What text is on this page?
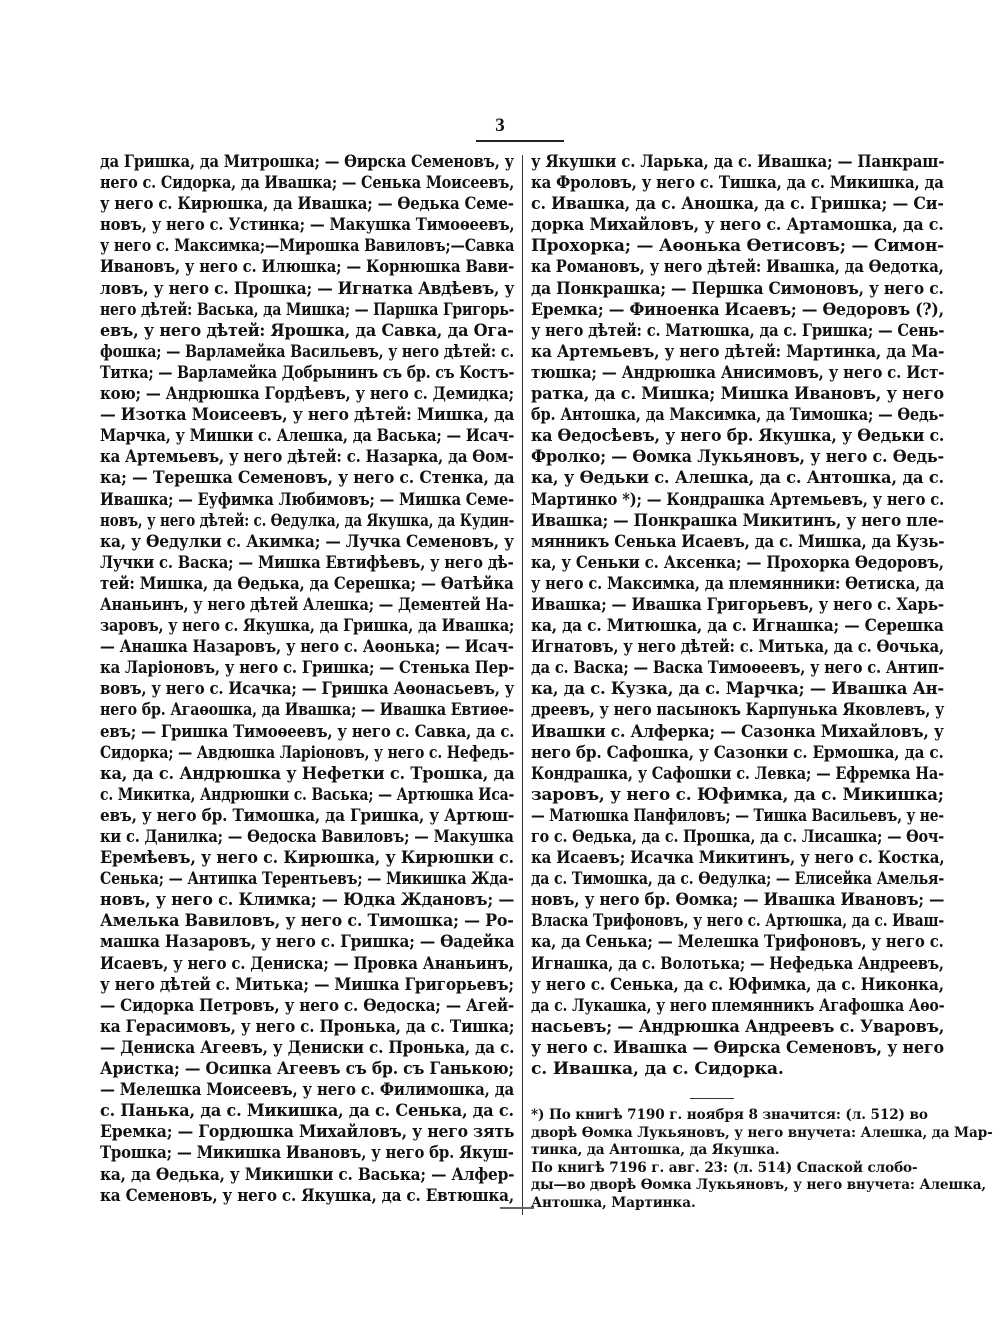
3
да Гришка, да Митрошка; — Өирска Семеновъ, у
него с. Сидорка, да Ивашка; — Сенька Моисеевъ,
у него с. Кирюшка, да Ивашка; — Өедька Семе-
новъ, у него с. Устинка; — Макушка Тимоөеевъ,
у него с. Максимка;—Мирошка Вавиловъ;—Савка
Ивановъ, у него с. Илюшка; — Корнюшка Вави-
ловъ, у него с. Прошка; — Игнатка Авдѣевъ, у
него дѣтей: Васька, да Мишка; — Паршка Григорь-
евъ, у него дѣтей: Ярошка, да Савка, да Ога-
фошка; — Варламейка Васильевъ, у него дѣтей: с.
Титка; — Варламейка Добрынинъ съ бр. съ Kостъ-
кою; — Андрюшка Гордѣевъ, у него с. Демидка;
— Изотка Моисеевъ, у него дѣтей: Мишка, да
Марчка, у Мишки с. Алешка, да Васька; — Исач-
ка Артемьевъ, у него дѣтей: с. Назарка, да Өом-
ка; — Терешка Семеновъ, у него с. Стенка, да
Ивашка; — Еуфимка Любимовъ; — Мишка Семе-
новъ, у него дѣтей: с. Өедулка, да Якушка, да Кудин-
ка, у Өедулки с. Акимка; — Лучка Семеновъ, у
Лучки с. Васка; — Мишка Евтифѣевъ, у него дѣ-
тей: Мишка, да Өедька, да Серешка; — Өатѣйка
Ананьинъ, у него дѣтей Алешка; — Дементей На-
заровъ, у него с. Якушка, да Гришка, да Ивашка;
— Анашка Назаровъ, у него с. Аөонька; — Исач-
ка Ларіоновъ, у него с. Гришка; — Стенька Пер-
вовъ, у него с. Исачка; — Гришка Аөонасьевъ, у
него бр. Агаөошка, да Ивашка; — Ивашка Евтиөе-
евъ; — Гришка Тимоөеевъ, у него с. Савка, да с.
Сидорка; — Авдюшка Ларіоновъ, у него с. Нефедь-
ка, да с. Андрюшка у Нефетки с. Трошка, да
с. Микитка, Андрюшки с. Васька; — Артюшка Иса-
евъ, у него бр. Тимошка, да Гришка, у Артюш-
ки с. Данилка; — Өедоска Вавиловъ; — Макушка
Еремѣевъ, у него с. Кирюшка, у Кирюшки с.
Сенька; — Антипка Терентьевъ; — Микишка Ждa-
новъ, у него с. Климка; — Юдка Ждановъ; —
Амелька Вавиловъ, у него с. Тимошка; — Ро-
машка Назаровъ, у него с. Гришка; — Өадейка
Исаевъ, у него с. Дениска; — Провка Ананьинъ,
у него дѣтей с. Митька; — Мишка Григорьевъ;
— Сидорка Петровъ, у него с. Өедоска; — Агей-
ка Герасимовъ, у него с. Пронька, да с. Тишка;
— Дениска Агеевъ, у Дениски с. Пронька, да с.
Аристка; — Осипка Агеевъ съ бр. съ Ганькою;
— Мелешка Моисеевъ, у него с. Филимошка, да
с. Панька, да с. Микишка, да с. Сенька, да с.
Еремка; — Гордюшка Михайловъ, у него зять
Трошка; — Микишка Ивановъ, у него бр. Якуш-
ка, да Өедька, у Микишки с. Васька; — Алфер-
ка Семеновъ, у него с. Якушка, да с. Евтюшка,
у Якушки с. Ларька, да с. Ивашка; — Панкраш-
ка Фроловъ, у него с. Тишка, да с. Микишка, да
с. Ивашка, да с. Аношка, да с. Гришка; — Си-
дорка Михайловъ, у него с. Артамошка, да с.
Прохорка; — Аөонька Өетисовъ; — Симон-
ка Романовъ, у него дѣтей: Ивашка, да Өедотка,
да Понкрашка; — Першка Симоновъ, у него с.
Еремка; — Финоенка Исаевъ; — Өедоровъ (?),
у него дѣтей: с. Матюшка, да с. Гришка; — Сень-
ка Артемьевъ, у него дѣтей: Мартинка, да Ма-
тюшка; — Андрюшка Анисимовъ, у него с. Ист-
ратка, да с. Мишка; Мишка Ивановъ, у него
бр. Антошка, да Максимка, да Тимошка; — Өедь-
ка Өедосѣевъ, у него бр. Якушка, у Өедьки с.
Фролко; — Өомка Лукьяновъ, у него с. Өедь-
ка, у Өедьки с. Алешка, да с. Антошка, да с.
Мартинко *); — Кондрашка Артемьевъ, у него с.
Ивашка; — Понкрашка Микитинъ, у него пле-
мянникъ Сенька Исаевъ, да с. Мишка, да Кузь-
ка, у Сеньки с. Аксенка; — Прохорка Өедоровъ,
у него с. Максимка, да племянники: Өетиска, да
Ивашка; — Ивашка Григорьевъ, у него с. Харь-
ка, да с. Митюшка, да с. Игнашка; — Серешка
Игнатовъ, у него дѣтей: с. Митька, да с. Өочька,
да с. Васка; — Васка Тимоөеевъ, у него с. Антип-
ка, да с. Кузка, да с. Марчка; — Ивашка Ан-
дреевъ, у него пасынокъ Карпунька Яковлевъ, у
Ивашки с. Алферка; — Сазонка Михайловъ, у
него бр. Сафошка, у Сазонки с. Ермошка, да с.
Кондрашка, у Сафошки с. Левка; — Ефремка На-
заровъ, у него с. Юфимка, да с. Микишка;
— Матюшка Панфиловъ; — Тишка Васильевъ, у не-
го с. Өедька, да с. Прошка, да с. Лисашка; — Өоч-
ка Исаевъ; Исачка Микитинъ, у него с. Костка,
да с. Тимошка, да с. Өедулка; — Елисейка Амелья-
новъ, у него бр. Өомка; — Ивашка Ивановъ; —
Власка Трифоновъ, у него с. Артюшка, да с. Иваш-
ка, да Сенька; — Мелешка Трифоновъ, у него с.
Игнашка, да с. Волотька; — Нефедька Андреевъ,
у него с. Сенька, да с. Юфимка, да с. Никонка,
да с. Лукашка, у него племянникъ Агафошка Аөо-
насьевъ; — Андрюшка Андреевъ с. Уваровъ,
у него с. Ивашка — Өирска Семеновъ, у него
с. Ивашка, да с. Сидорка.
*) По книгѣ 7190 г. ноября 8 значится: (л. 512) во
дворѣ Өомка Лукьяновъ, у него внучета: Алешка, да Мар-
тинка, да Антошка, да Якушка.
По книгѣ 7196 г. авг. 23: (л. 514) Спаской слобо-
ды—во дворѣ Өомка Лукьяновъ, у него внучета: Алешка,
Антошка, Мартинка.
